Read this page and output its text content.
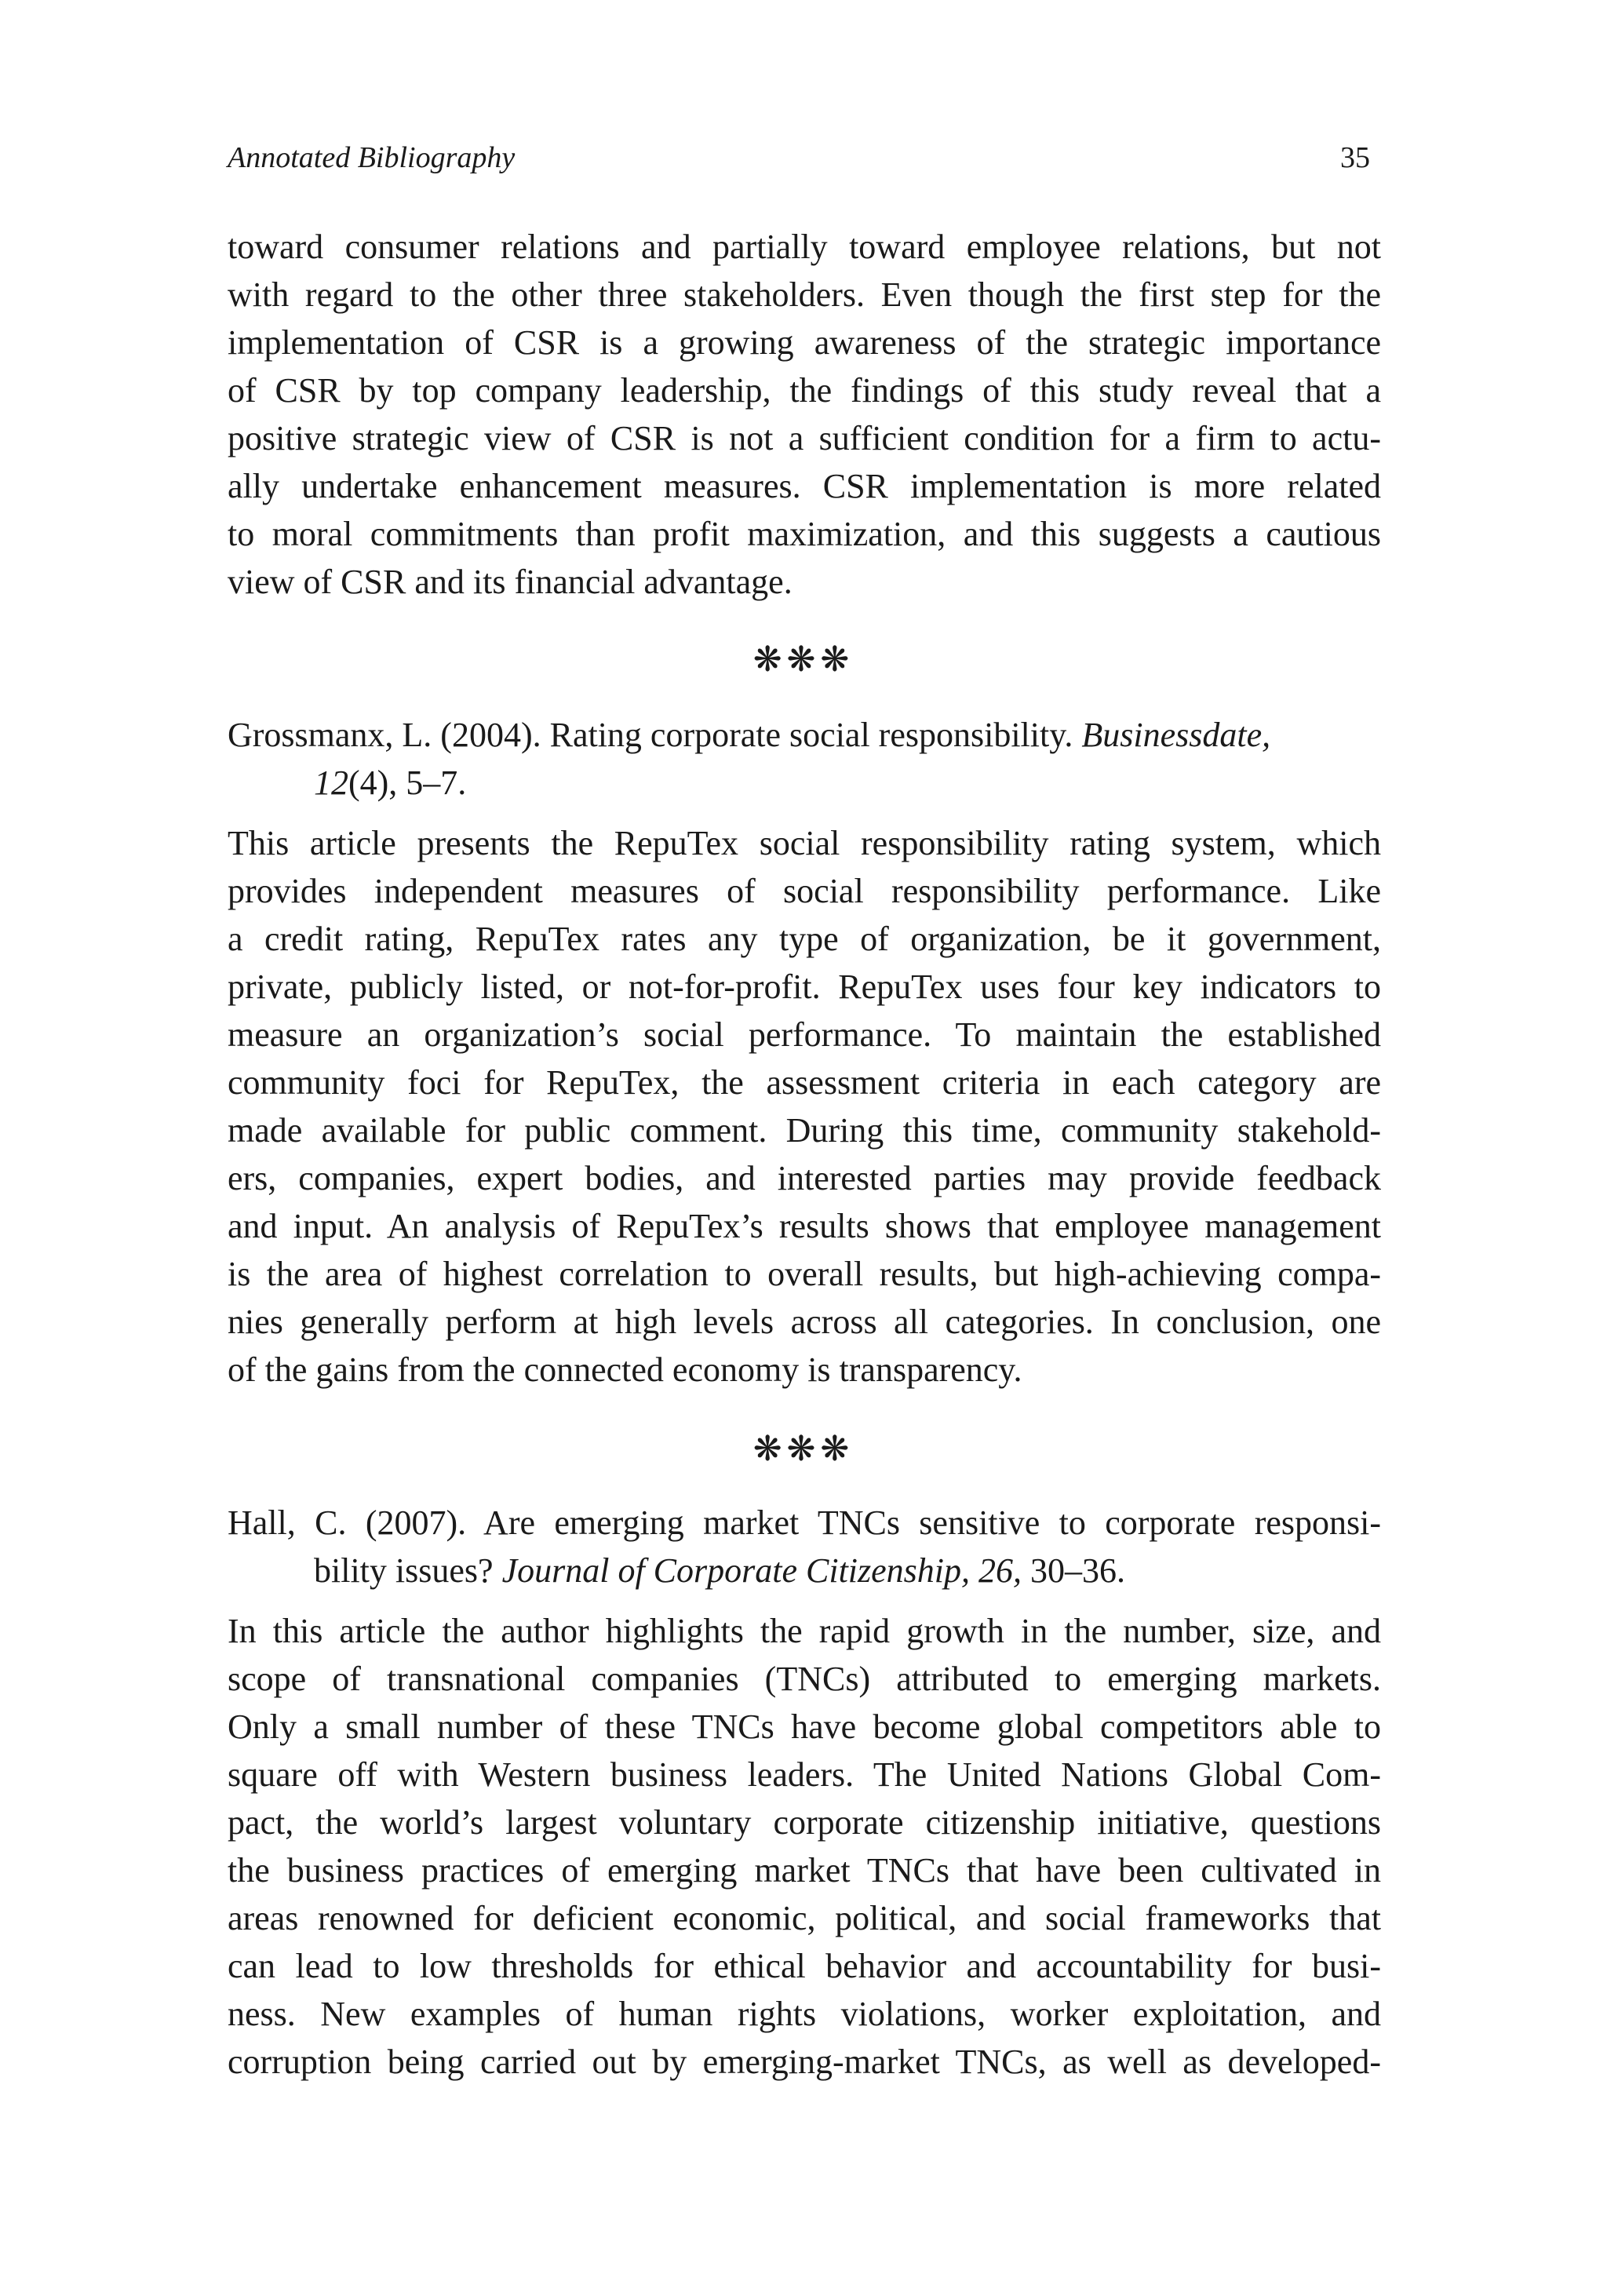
Annotated Bibliography	35
toward consumer relations and partially toward employee relations, but not
with regard to the other three stakeholders. Even though the first step for the
implementation of CSR is a growing awareness of the strategic importance
of CSR by top company leadership, the findings of this study reveal that a
positive strategic view of CSR is not a sufficient condition for a firm to actu-
ally undertake enhancement measures. CSR implementation is more related
to moral commitments than profit maximization, and this suggests a cautious
view of CSR and its financial advantage.
❋❋❋
Grossmanx, L. (2004). Rating corporate social responsibility. Businessdate,
12(4), 5–7.
This article presents the RepuTex social responsibility rating system, which
provides independent measures of social responsibility performance. Like
a credit rating, RepuTex rates any type of organization, be it government,
private, publicly listed, or not-for-profit. RepuTex uses four key indicators to
measure an organization’s social performance. To maintain the established
community foci for RepuTex, the assessment criteria in each category are
made available for public comment. During this time, community stakehold-
ers, companies, expert bodies, and interested parties may provide feedback
and input. An analysis of RepuTex’s results shows that employee management
is the area of highest correlation to overall results, but high-achieving compa-
nies generally perform at high levels across all categories. In conclusion, one
of the gains from the connected economy is transparency.
❋❋❋
Hall, C. (2007). Are emerging market TNCs sensitive to corporate responsi-
bility issues? Journal of Corporate Citizenship, 26, 30–36.
In this article the author highlights the rapid growth in the number, size, and
scope of transnational companies (TNCs) attributed to emerging markets.
Only a small number of these TNCs have become global competitors able to
square off with Western business leaders. The United Nations Global Com-
pact, the world’s largest voluntary corporate citizenship initiative, questions
the business practices of emerging market TNCs that have been cultivated in
areas renowned for deficient economic, political, and social frameworks that
can lead to low thresholds for ethical behavior and accountability for busi-
ness. New examples of human rights violations, worker exploitation, and
corruption being carried out by emerging-market TNCs, as well as developed-
